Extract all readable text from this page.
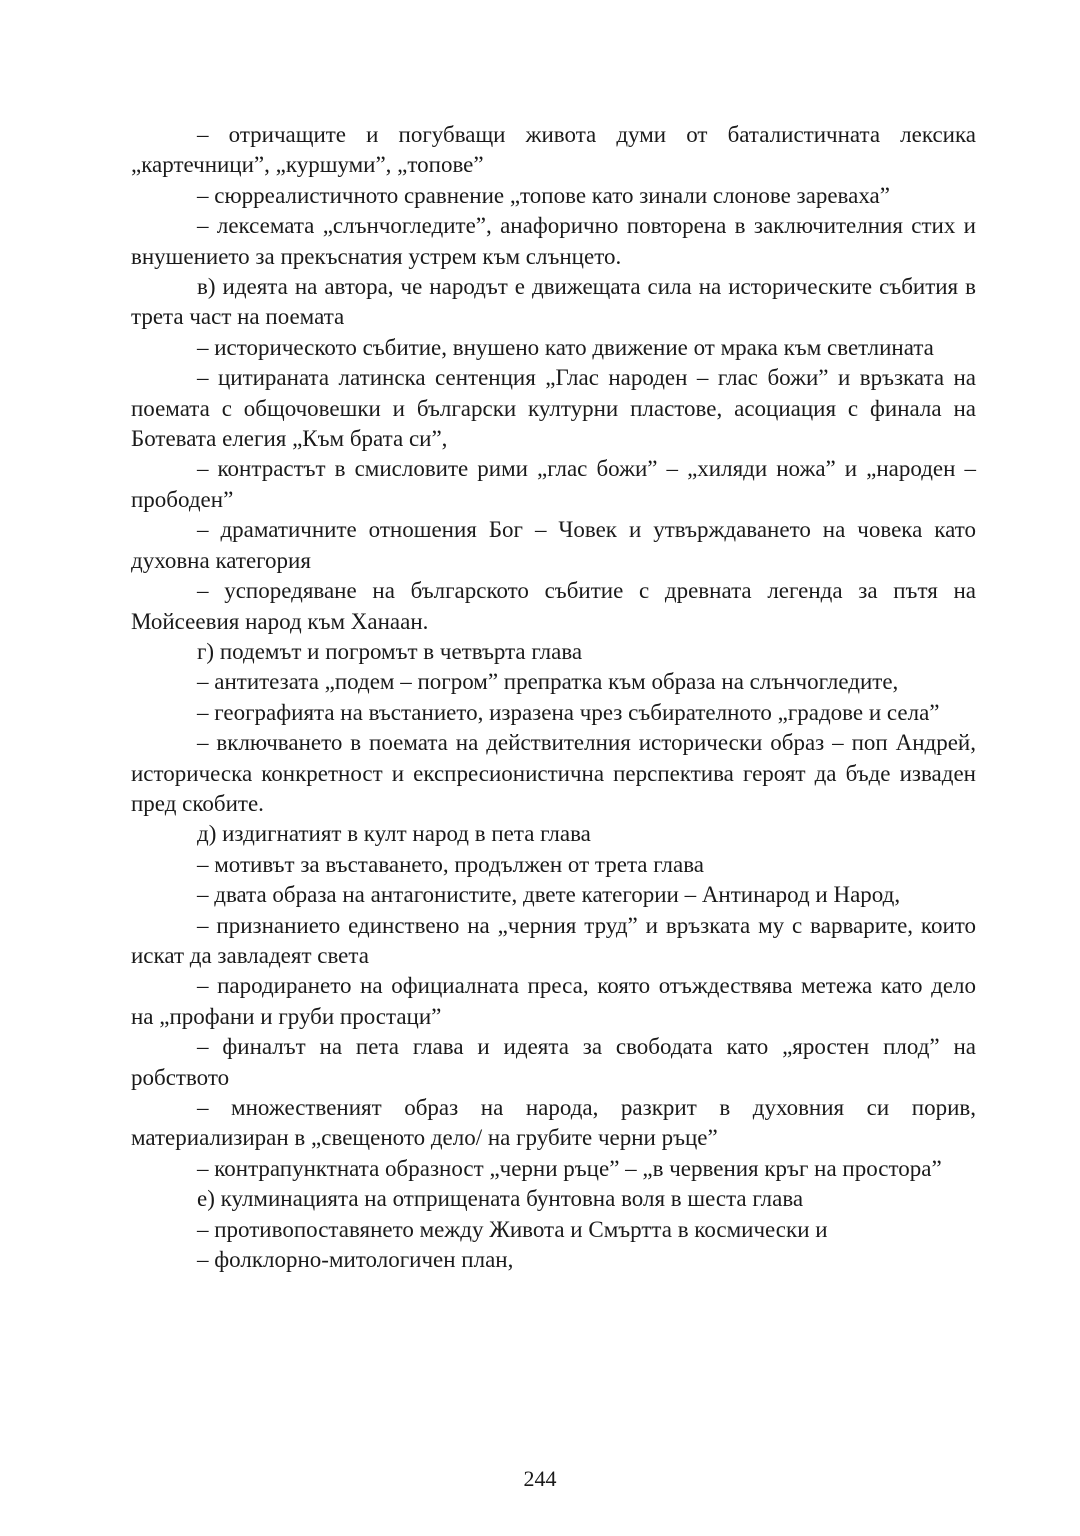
– отричащите и погубващи живота думи от баталистичната лексика „картечници”, „куршуми”, „топове”

– сюрреалистичното сравнение „топове като зинали слонове зареваха”

– лексемата „слънчогледите”, анафорично повторена в заключителния стих и внушението за прекъснатия устрем към слънцето.

в) идеята на автора, че народът е движещата сила на историческите събития в трета част на поемата

– историческото събитие, внушено като движение от мрака към светлината

– цитираната латинска сентенция „Глас народен – глас божи” и връзката на поемата с общочовешки и български културни пластове, асоциация с финала на Ботевата елегия „Към брата си”,

– контрастът в смисловите рими „глас божи” – „хиляди ножа” и „народен – прободен”

– драматичните отношения Бог – Човек и утвърждаването на човека като духовна категория

– успоредяване на българското събитие с древната легенда за пътя на Мойсеевия народ към Ханаан.

г) подемът и погромът в четвърта глава

– антитезата „подем – погром” препратка към образа на слънчогледите,

– географията на въстанието, изразена чрез събирателното „градове и села”

– включването в поемата на действителния исторически образ – поп Андрей, историческа конкретност и експресионистична перспектива героят да бъде изваден пред скобите.

д) издигнатият в култ народ в пета глава

– мотивът за въставането, продължен от трета глава

– двата образа на антагонистите, двете категории – Антинарод и Народ,

– признанието единствено на „черния труд” и връзката му с варварите, които искат да завладеят света

– пародирането на официалната преса, която отъждествява метежа като дело на „профани и груби простаци”

– финалът на пета глава и идеята за свободата като „яростен плод” на робството

– множественият образ на народа, разкрит в духовния си порив, материализиран в „свещеното дело/ на грубите черни ръце”

– контрапунктната образност „черни ръце” – „в червения кръг на простора”

е) кулминацията на отприщената бунтовна воля в шеста глава

– противопоставянето между Живота и Смъртта в космически и

– фолклорно-митологичен план,

244
